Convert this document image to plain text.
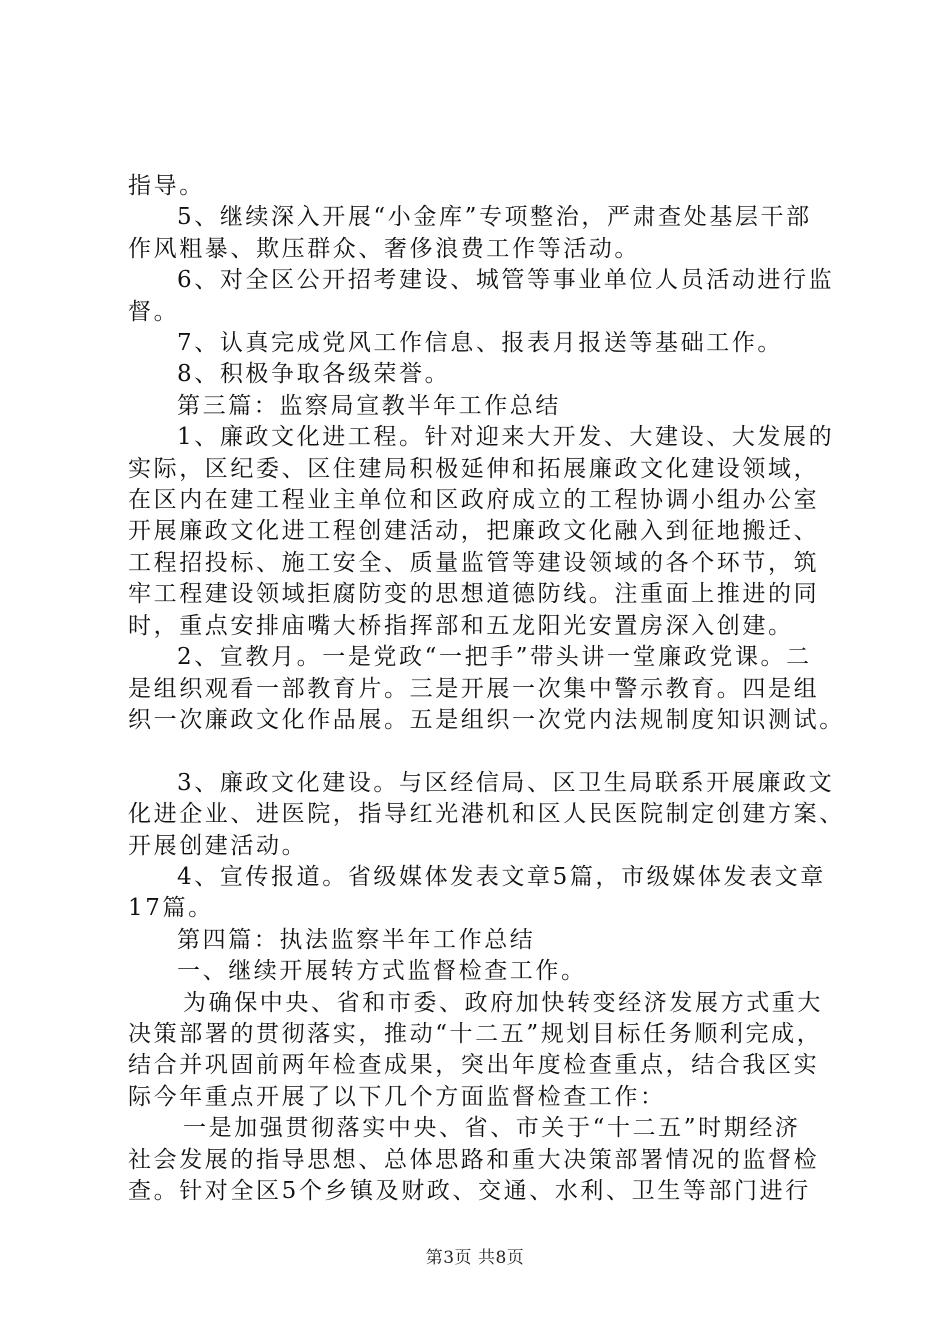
指导。

5、继续深入开展“小金库”专项整治，严肃查处基层干部

作风粗暴、欺压群众、奢侈浪费工作等活动。

6、对全区公开招考建设、城管等事业单位人员活动进行监

督。

7、认真完成党风工作信息、报表月报送等基础工作。

8、积极争取各级荣誉。

第三篇：监察局宣教半年工作总结

1、廉政文化进工程。针对迎来大开发、大建设、大发展的

实际，区纪委、区住建局积极延伸和拓展廉政文化建设领域，

在区内在建工程业主单位和区政府成立的工程协调小组办公室

开展廉政文化进工程创建活动，把廉政文化融入到征地搬迁、

工程招投标、施工安全、质量监管等建设领域的各个环节，筑

牢工程建设领域拒腐防变的思想道德防线。注重面上推进的同

时，重点安排庙嘴大桥指挥部和五龙阳光安置房深入创建。

2、宣教月。一是党政“一把手”带头讲一堂廉政党课。二

是组织观看一部教育片。三是开展一次集中警示教育。四是组

织一次廉政文化作品展。五是组织一次党内法规制度知识测试。

3、廉政文化建设。与区经信局、区卫生局联系开展廉政文

化进企业、进医院，指导红光港机和区人民医院制定创建方案、

开展创建活动。

4、宣传报道。省级媒体发表文章5篇，市级媒体发表文章

17篇。

第四篇：执法监察半年工作总结

一、继续开展转方式监督检查工作。

为确保中央、省和市委、政府加快转变经济发展方式重大

决策部署的贯彻落实，推动“十二五”规划目标任务顺利完成，

结合并巩固前两年检查成果，突出年度检查重点，结合我区实

际今年重点开展了以下几个方面监督检查工作：

一是加强贯彻落实中央、省、市关于“十二五”时期经济

社会发展的指导思想、总体思路和重大决策部署情况的监督检

查。针对全区5个乡镇及财政、交通、水利、卫生等部门进行

第3页 共8页
